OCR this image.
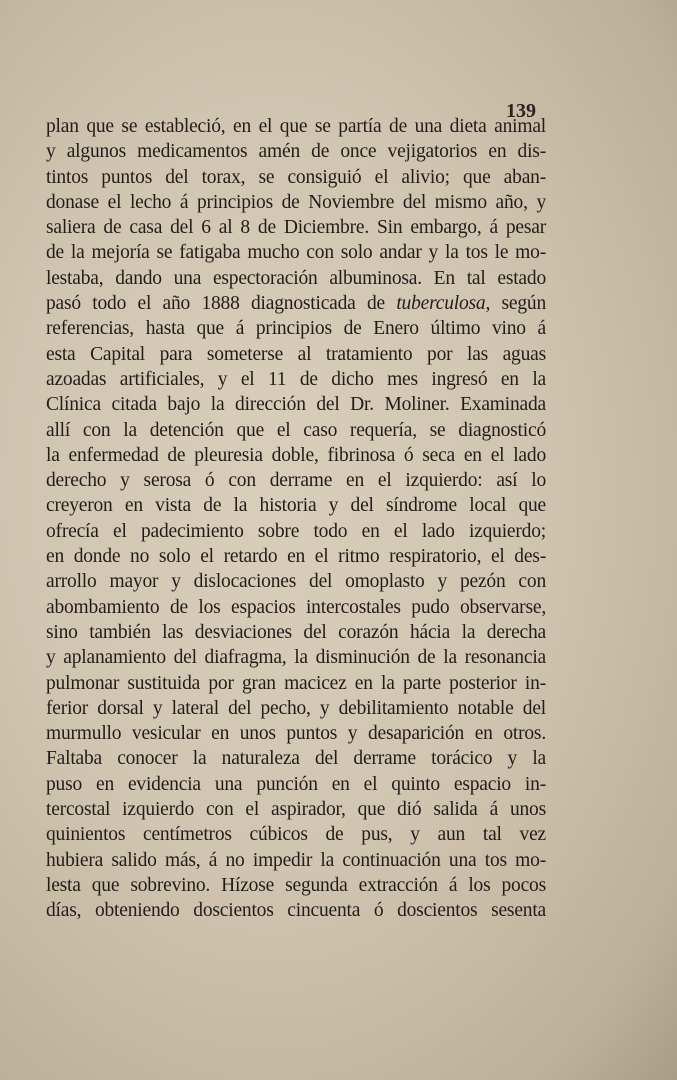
139
plan que se estableció, en el que se partía de una dieta animal
y algunos medicamentos amén de once vejigatorios en dis-
tintos puntos del torax, se consiguió el alivio; que aban-
donase el lecho á principios de Noviembre del mismo año, y
saliera de casa del 6 al 8 de Diciembre. Sin embargo, á pesar
de la mejoría se fatigaba mucho con solo andar y la tos le mo-
lestaba, dando una espectoración albuminosa. En tal estado
pasó todo el año 1888 diagnosticada de tuberculosa, según
referencias, hasta que á principios de Enero último vino á
esta Capital para someterse al tratamiento por las aguas
azoadas artificiales, y el 11 de dicho mes ingresó en la
Clínica citada bajo la dirección del Dr. Moliner. Examinada
allí con la detención que el caso requería, se diagnosticó
la enfermedad de pleuresia doble, fibrinosa ó seca en el lado
derecho y serosa ó con derrame en el izquierdo: así lo
creyeron en vista de la historia y del síndrome local que
ofrecía el padecimiento sobre todo en el lado izquierdo;
en donde no solo el retardo en el ritmo respiratorio, el des-
arrollo mayor y dislocaciones del omoplasto y pezón con
abombamiento de los espacios intercostales pudo observarse,
sino también las desviaciones del corazón hácia la derecha
y aplanamiento del diafragma, la disminución de la resonancia
pulmonar sustituida por gran macicez en la parte posterior in-
ferior dorsal y lateral del pecho, y debilitamiento notable del
murmullo vesicular en unos puntos y desaparición en otros.
Faltaba conocer la naturaleza del derrame torácico y la
puso en evidencia una punción en el quinto espacio in-
tercostal izquierdo con el aspirador, que dió salida á unos
quinientos centímetros cúbicos de pus, y aun tal vez
hubiera salido más, á no impedir la continuación una tos mo-
lesta que sobrevino. Hízose segunda extracción á los pocos
días, obteniendo doscientos cincuenta ó doscientos sesenta
